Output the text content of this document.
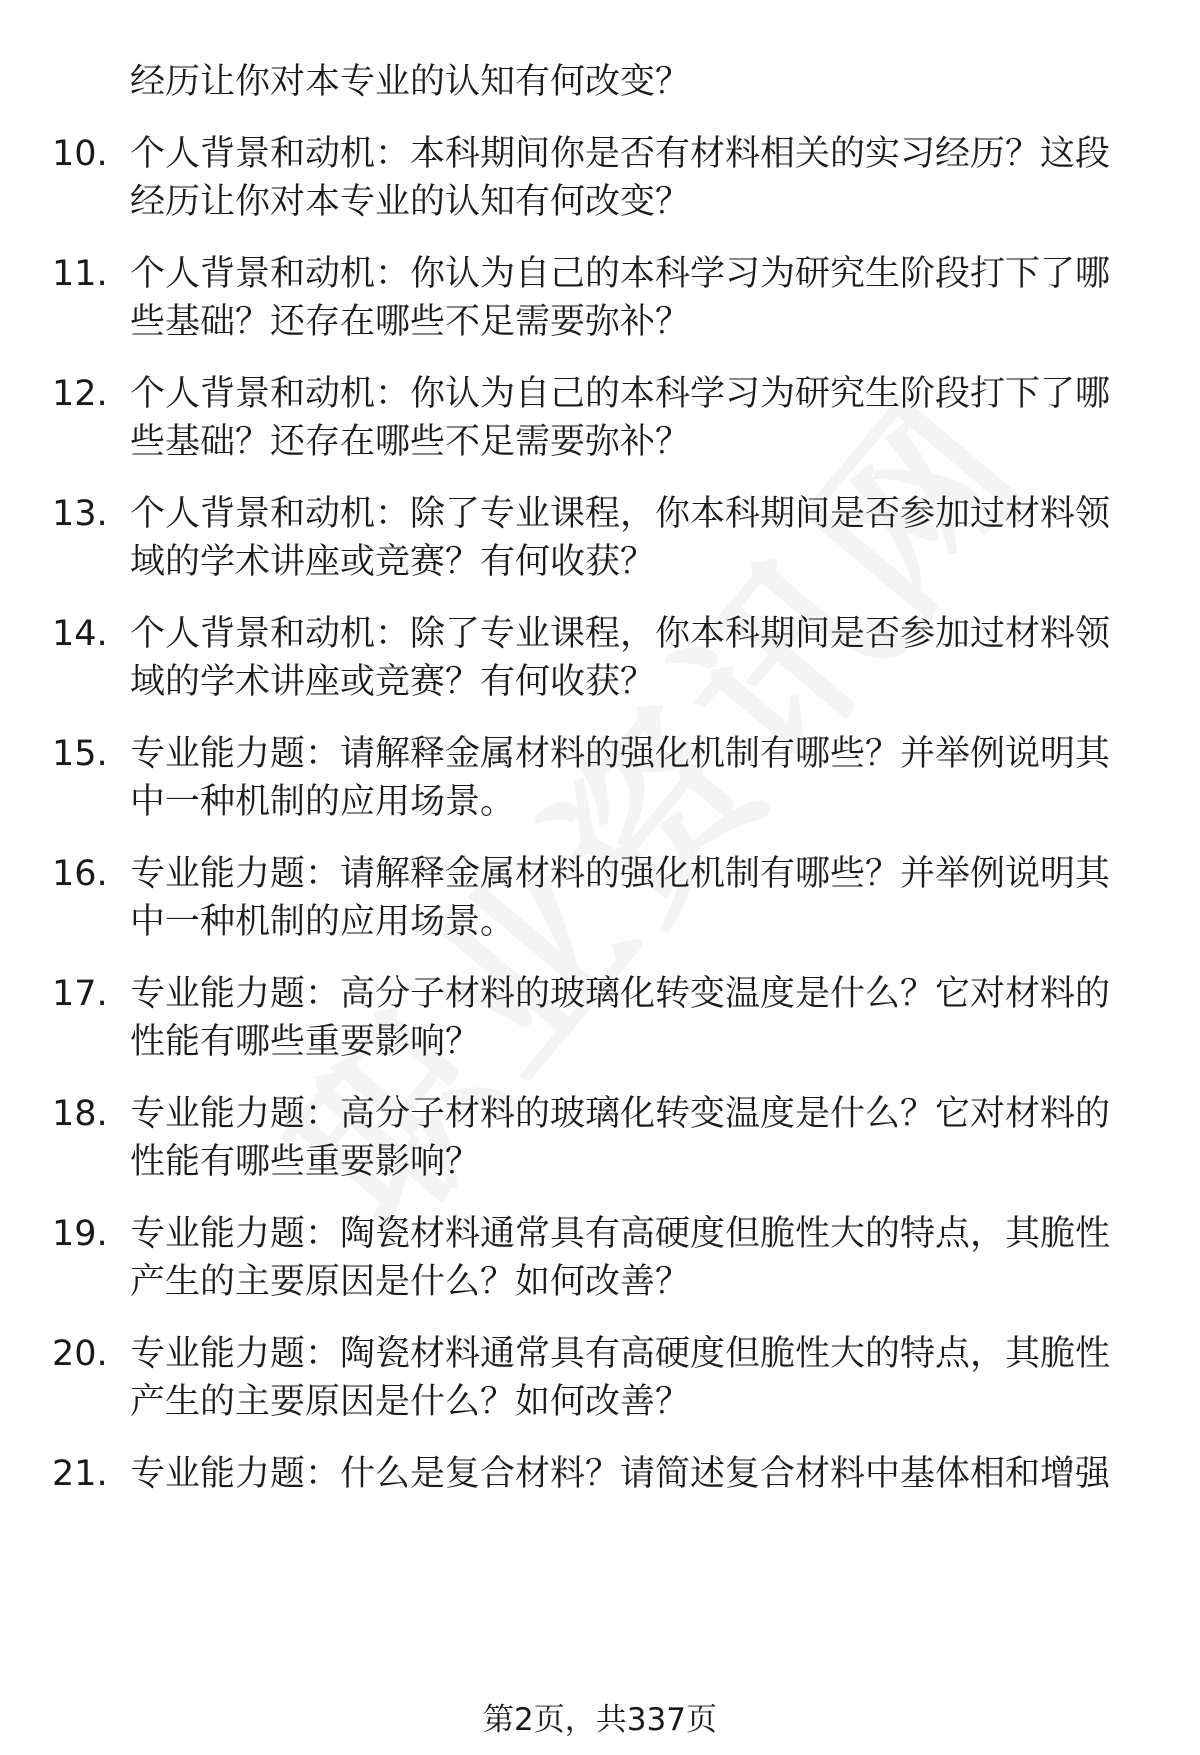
经历让你对本专业的认知有何改变？
10. 个人背景和动机：本科期间你是否有材料相关的实习经历？这段
经历让你对本专业的认知有何改变？
11. 个人背景和动机：你认为自己的本科学习为研究生阶段打下了哪
些基础？还存在哪些不足需要弥补？
12. 个人背景和动机：你认为自己的本科学习为研究生阶段打下了哪
些基础？还存在哪些不足需要弥补？
13. 个人背景和动机：除了专业课程，你本科期间是否参加过材料领
域的学术讲座或竞赛？有何收获？
14. 个人背景和动机：除了专业课程，你本科期间是否参加过材料领
域的学术讲座或竞赛？有何收获？
15. 专业能力题：请解释金属材料的强化机制有哪些？并举例说明其
中一种机制的应用场景。
16. 专业能力题：请解释金属材料的强化机制有哪些？并举例说明其
中一种机制的应用场景。
17. 专业能力题：高分子材料的玻璃化转变温度是什么？它对材料的
性能有哪些重要影响？
18. 专业能力题：高分子材料的玻璃化转变温度是什么？它对材料的
性能有哪些重要影响？
19. 专业能力题：陶瓷材料通常具有高硬度但脆性大的特点，其脆性
产生的主要原因是什么？如何改善？
20. 专业能力题：陶瓷材料通常具有高硬度但脆性大的特点，其脆性
产生的主要原因是什么？如何改善？
21. 专业能力题：什么是复合材料？请简述复合材料中基体相和增强
第2页，共337页
